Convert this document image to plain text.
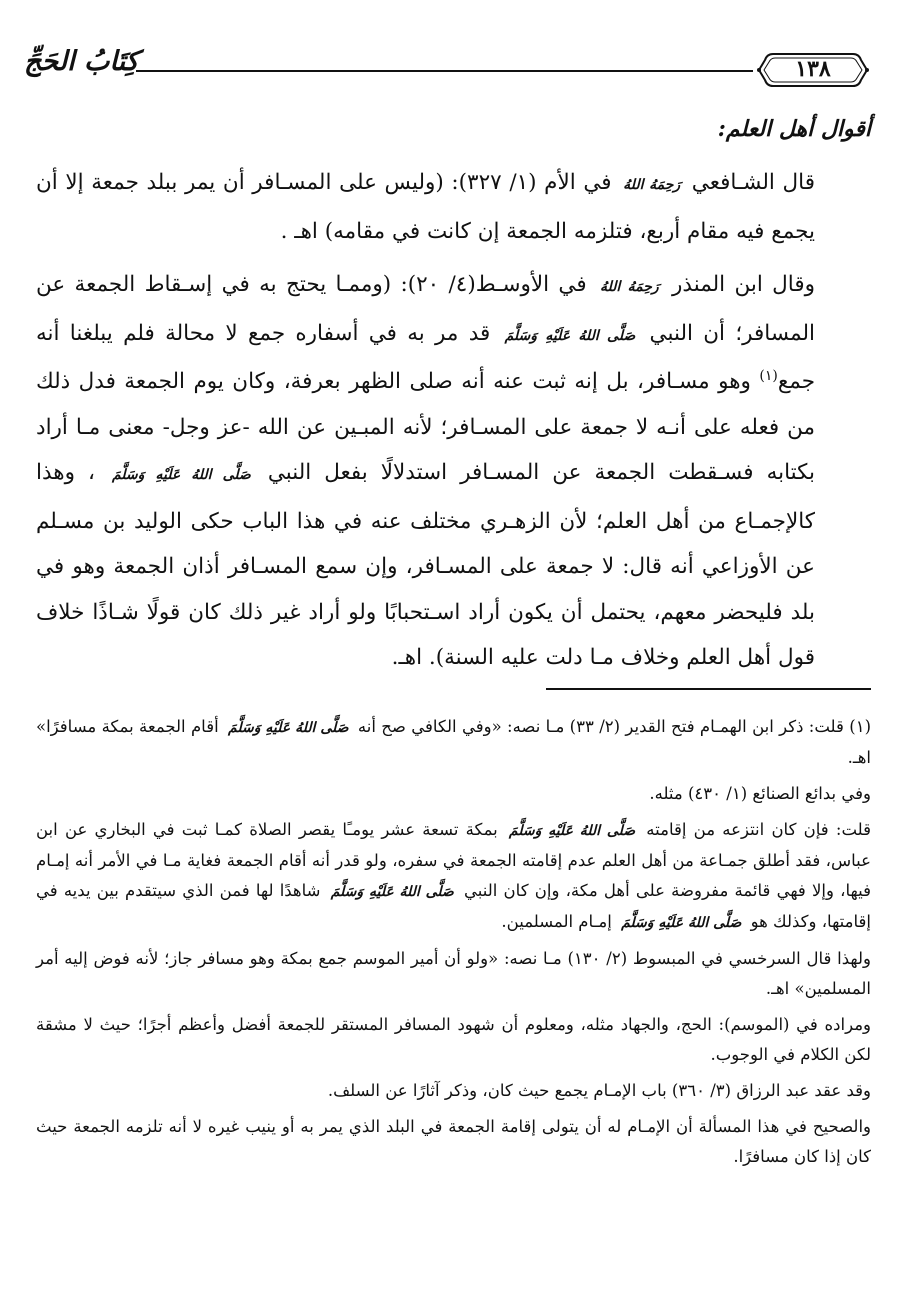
كِتَابُ الحَجِّ	١٣٨
أقوال أهل العلم:

قال الشـافعي رَحِمَهُ اللهُ في الأم (١/ ٣٢٧): (وليس على المسـافر أن يمر ببلد جمعة إلا أن يجمع فيه مقام أربع، فتلزمه الجمعة إن كانت في مقامه) اهـ .

وقال ابن المنذر رَحِمَهُ اللهُ في الأوسـط(٤/ ٢٠): (وممـا يحتج به في إسـقاط الجمعة عن المسافر؛ أن النبي صَلَّى اللهُ عَلَيْهِ وَسَلَّمَ قد مر به في أسفاره جمع لا محالة فلم يبلغنا أنه جمع$^{(١)}$ وهو مسـافر، بل إنه ثبت عنه أنه صلى الظهر بعرفة، وكان يوم الجمعة فدل ذلك من فعله على أنـه لا جمعة على المسـافر؛ لأنه المبـين عن الله -عز وجل- معنى مـا أراد بكتابه فسـقطت الجمعة عن المسـافر استدلالًا بفعل النبي صَلَّى اللهُ عَلَيْهِ وَسَلَّمَ ، وهذا كالإجمـاع من أهل العلم؛ لأن الزهـري مختلف عنه في هذا الباب حكى الوليد بن مسـلم عن الأوزاعي أنه قال: لا جمعة على المسـافر، وإن سمع المسـافر أذان الجمعة وهو في بلد فليحضر معهم، يحتمل أن يكون أراد اسـتحبابًا ولو أراد غير ذلك كان قولًا شـاذًا خلاف قول أهل العلم وخلاف مـا دلت عليه السنة). اهـ.

(١) قلت: ذكر ابن الهمـام فتح القدير (٢/ ٣٣) مـا نصه: «وفي الكافي صح أنه صَلَّى اللهُ عَلَيْهِ وَسَلَّمَ أقام الجمعة بمكة مسافرًا» اهـ.

وفي بدائع الصنائع (١/ ٤٣٠) مثله.

قلت: فإن كان انتزعه من إقامته صَلَّى اللهُ عَلَيْهِ وَسَلَّمَ بمكة تسعة عشر يومـًا يقصر الصلاة كمـا ثبت في البخاري عن ابن عباس، فقد أطلق جمـاعة من أهل العلم عدم إقامته الجمعة في سفره، ولو قدر أنه أقام الجمعة فغاية مـا في الأمر أنه إمـام فيها، وإلا فهي قائمة مفروضة على أهل مكة، وإن كان النبي صَلَّى اللهُ عَلَيْهِ وَسَلَّمَ شاهدًا لها فمن الذي سيتقدم بين يديه في إقامتها، وكذلك هو صَلَّى اللهُ عَلَيْهِ وَسَلَّمَ إمـام المسلمين.

ولهذا قال السرخسي في المبسوط (٢/ ١٣٠) مـا نصه: «ولو أن أمير الموسم جمع بمكة وهو مسافر جاز؛ لأنه فوض إليه أمر المسلمين» اهـ.

ومراده في (الموسم): الحج، والجهاد مثله، ومعلوم أن شهود المسافر المستقر للجمعة أفضل وأعظم أجرًا؛ حيث لا مشقة لكن الكلام في الوجوب.

وقد عقد عبد الرزاق (٣/ ٣٦٠) باب الإمـام يجمع حيث كان، وذكر آثارًا عن السلف.

والصحيح في هذا المسألة أن الإمـام له أن يتولى إقامة الجمعة في البلد الذي يمر به أو ينيب غيره لا أنه تلزمه الجمعة حيث كان إذا كان مسافرًا.
